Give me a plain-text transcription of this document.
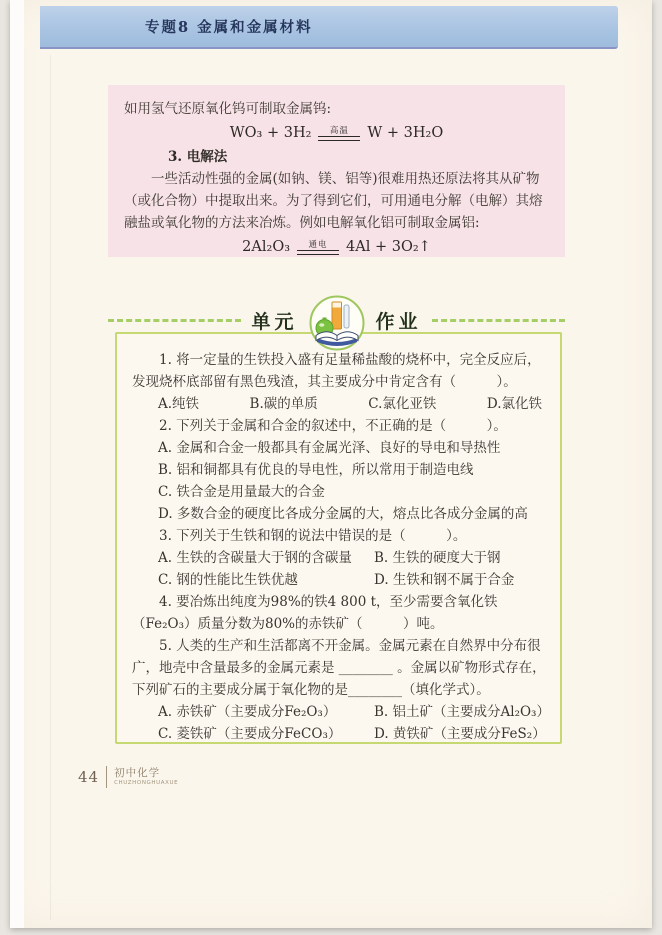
专题8 金属和金属材料

如用氢气还原氧化钨可制取金属钨:

WO₃ + 3H₂ 高温 W + 3H₂O

3. 电解法

一些活动性强的金属(如钠、镁、铝等)很难用热还原法将其从矿物（或化合物）中提取出来。为了得到它们，可用通电分解（电解）其熔融盐或氧化物的方法来冶炼。例如电解氧化铝可制取金属铝:

2Al₂O₃ 通电 4Al + 3O₂↑
单元	作业

1. 将一定量的生铁投入盛有足量稀盐酸的烧杯中，完全反应后，发现烧杯底部留有黑色残渣，其主要成分中肯定含有（　　　）。

A.纯铁	B.碳的单质	C.氯化亚铁	D.氯化铁

2. 下列关于金属和合金的叙述中，不正确的是（　　　）。

A. 金属和合金一般都具有金属光泽、良好的导电和导热性
B. 铝和铜都具有优良的导电性，所以常用于制造电线
C. 铁合金是用量最大的合金
D. 多数合金的硬度比各成分金属的大，熔点比各成分金属的高

3. 下列关于生铁和钢的说法中错误的是（　　　）。

A. 生铁的含碳量大于钢的含碳量	B. 生铁的硬度大于钢
C. 钢的性能比生铁优越	D. 生铁和钢不属于合金

4. 要冶炼出纯度为98%的铁4 800 t，至少需要含氧化铁（Fe₂O₃）质量分数为80%的赤铁矿（　　　）吨。

5. 人类的生产和生活都离不开金属。金属元素在自然界中分布很广，地壳中含量最多的金属元素是 ________ 。金属以矿物形式存在，下列矿石的主要成分属于氧化物的是________（填化学式）。

A. 赤铁矿（主要成分Fe₂O₃）	B. 铝土矿（主要成分Al₂O₃）
C. 菱铁矿（主要成分FeCO₃）	D. 黄铁矿（主要成分FeS₂）
44 初中化学
CHUZHONGHUAXUE
